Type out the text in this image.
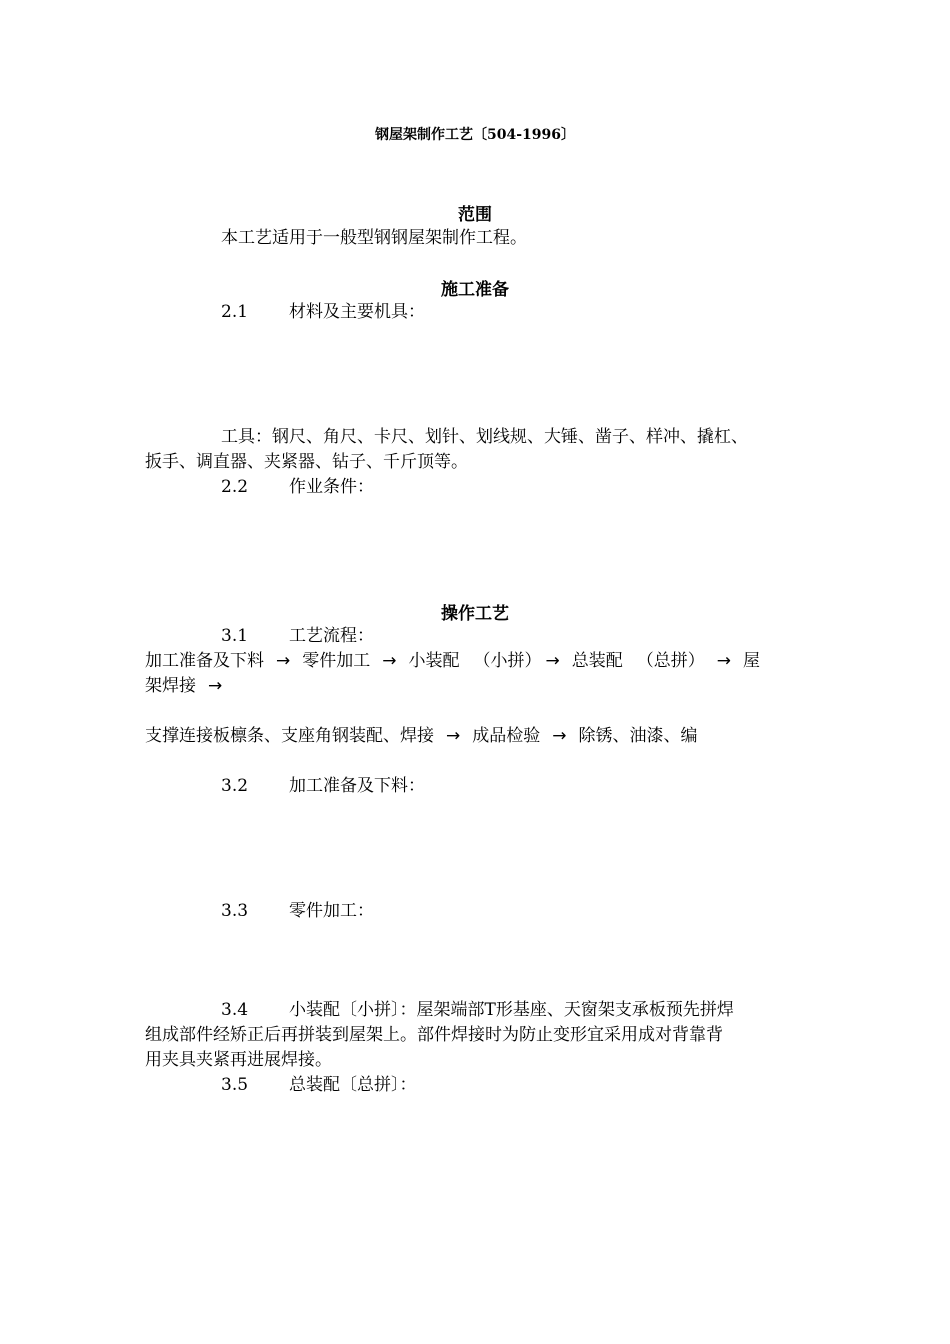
钢屋架制作工艺〔504-1996〕
范围
本工艺适用于一般型钢钢屋架制作工程。
施工准备
2.1 材料及主要机具：
工具：钢尺、角尺、卡尺、划针、划线规、大锤、凿子、样冲、撬杠、
扳手、调直器、夹紧器、钻子、千斤顶等。
2.2 作业条件：
操作工艺
3.1 工艺流程：
加工准备及下料 → 零件加工 → 小装配 （小拼） → 总装配 （总拼） → 屋
架焊接 →
支撑连接板檩条、支座角钢装配、焊接 → 成品检验 → 除锈、油漆、编
3.2 加工准备及下料：
3.3 零件加工：
3.4 小装配〔小拼〕：屋架端部T形基座、天窗架支承板预先拼焊
组成部件经矫正后再拼装到屋架上。部件焊接时为防止变形宜采用成对背靠背
用夹具夹紧再进展焊接。
3.5 总装配〔总拼〕：
